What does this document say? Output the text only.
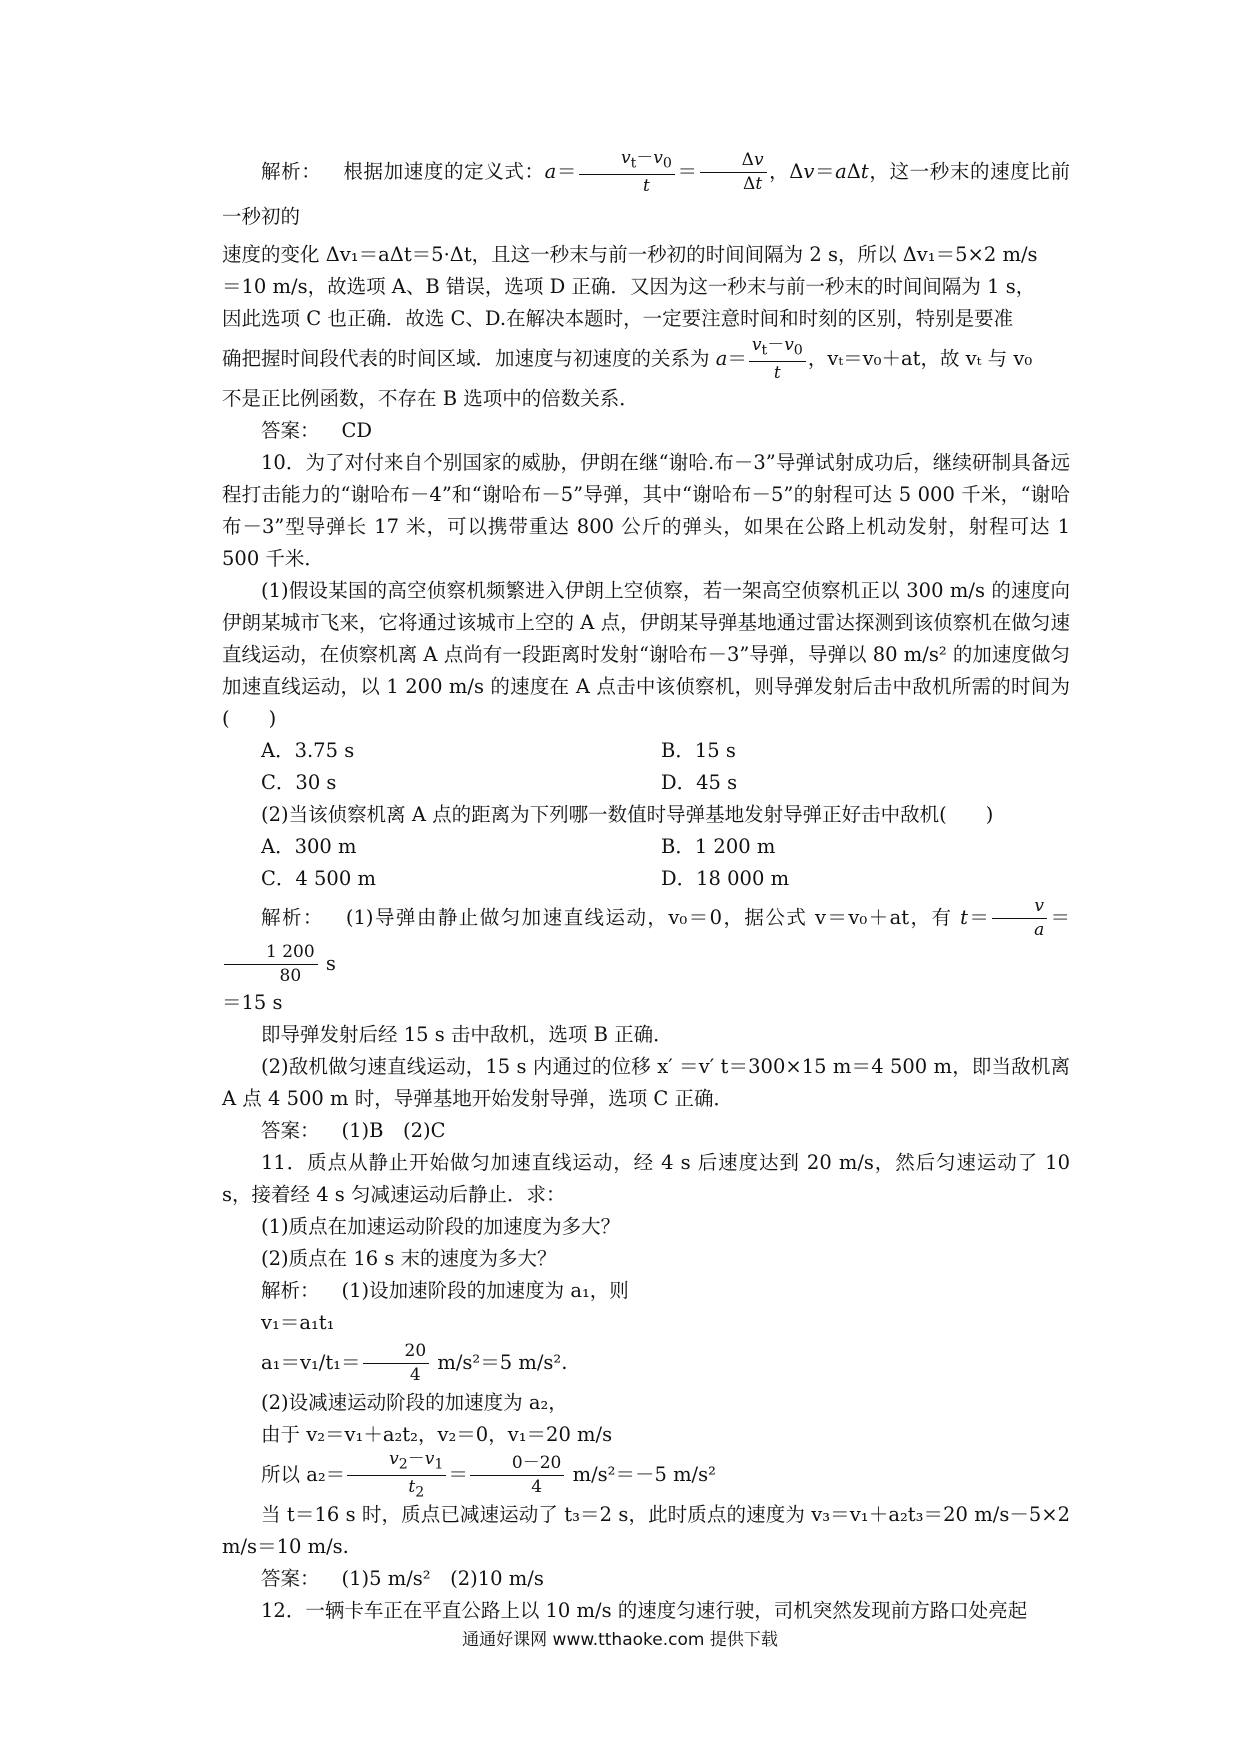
解析： 根据加速度的定义式：$a= \frac{v_t-v_0}{t} = \frac{\Delta v}{\Delta t}$ ，Δv＝aΔt，这一秒末的速度比前一秒初的

速度的变化 Δv₁＝aΔt＝5·Δt，且这一秒末与前一秒初的时间间隔为 2 s，所以 Δv₁＝5×2 m/s

＝10 m/s，故选项 A、B 错误，选项 D 正确．又因为这一秒末与前一秒末的时间间隔为 1 s，

因此选项 C 也正确．故选 C、D.在解决本题时，一定要注意时间和时刻的区别，特别是要准

确把握时间段代表的时间区域．加速度与初速度的关系为 $a= \frac{v_t-v_0}{t}$ ，vₜ＝v₀＋at，故 vₜ 与 v₀

不是正比例函数，不存在 B 选项中的倍数关系．

答案： CD

10．为了对付来自个别国家的威胁，伊朗在继“谢哈.布－3”导弹试射成功后，继续研制具备远程打击能力的“谢哈布－4”和“谢哈布－5”导弹，其中“谢哈布－5”的射程可达 5 000 千米，“谢哈布－3”型导弹长 17 米，可以携带重达 800 公斤的弹头，如果在公路上机动发射，射程可达 1 500 千米．

(1)假设某国的高空侦察机频繁进入伊朗上空侦察，若一架高空侦察机正以 300 m/s 的速度向伊朗某城市飞来，它将通过该城市上空的 A 点，伊朗某导弹基地通过雷达探测到该侦察机在做匀速直线运动，在侦察机离 A 点尚有一段距离时发射“谢哈布－3”导弹，导弹以 80 m/s² 的加速度做匀加速直线运动，以 1 200 m/s 的速度在 A 点击中该侦察机，则导弹发射后击中敌机所需的时间为(　　)

A．3.75 s	B．15 s
C．30 s	D．45 s

(2)当该侦察机离 A 点的距离为下列哪一数值时导弹基地发射导弹正好击中敌机(　　)

A．300 m	B．1 200 m
C．4 500 m	D．18 000 m

解析： (1)导弹由静止做匀加速直线运动，v₀＝0，据公式 v＝v₀＋at，有 $t= \frac{v}{a}$ ＝
$\frac{1 200}{80}$ s

＝15 s

即导弹发射后经 15 s 击中敌机，选项 B 正确．

(2)敌机做匀速直线运动，15 s 内通过的位移 x′ ＝v′ t＝300×15 m＝4 500 m，即当敌机离 A 点 4 500 m 时，导弹基地开始发射导弹，选项 C 正确．

答案： (1)B　(2)C

11．质点从静止开始做匀加速直线运动，经 4 s 后速度达到 20 m/s，然后匀速运动了 10 s，接着经 4 s 匀减速运动后静止．求：

(1)质点在加速运动阶段的加速度为多大？

(2)质点在 16 s 末的速度为多大？

解析： (1)设加速阶段的加速度为 a₁，则

v₁＝a₁t₁

$a_1=v_1/t_1= \frac{20}{4} m/s^2=5$ m/s².

(2)设减速运动阶段的加速度为 a₂，

由于 v₂＝v₁＋a₂t₂，v₂＝0，v₁＝20 m/s

所以 $a_2= \frac{v_2-v_1}{t_2} = \frac{0-20}{4} m/s^2=-5$ m/s²

当 t＝16 s 时，质点已减速运动了 t₃＝2 s，此时质点的速度为 v₃＝v₁＋a₂t₃＝20 m/s－5×2 m/s＝10 m/s.

答案： (1)5 m/s²　(2)10 m/s

12．一辆卡车正在平直公路上以 10 m/s 的速度匀速行驶，司机突然发现前方路口处亮起

通通好课网 www.tthaoke.com 提供下载
